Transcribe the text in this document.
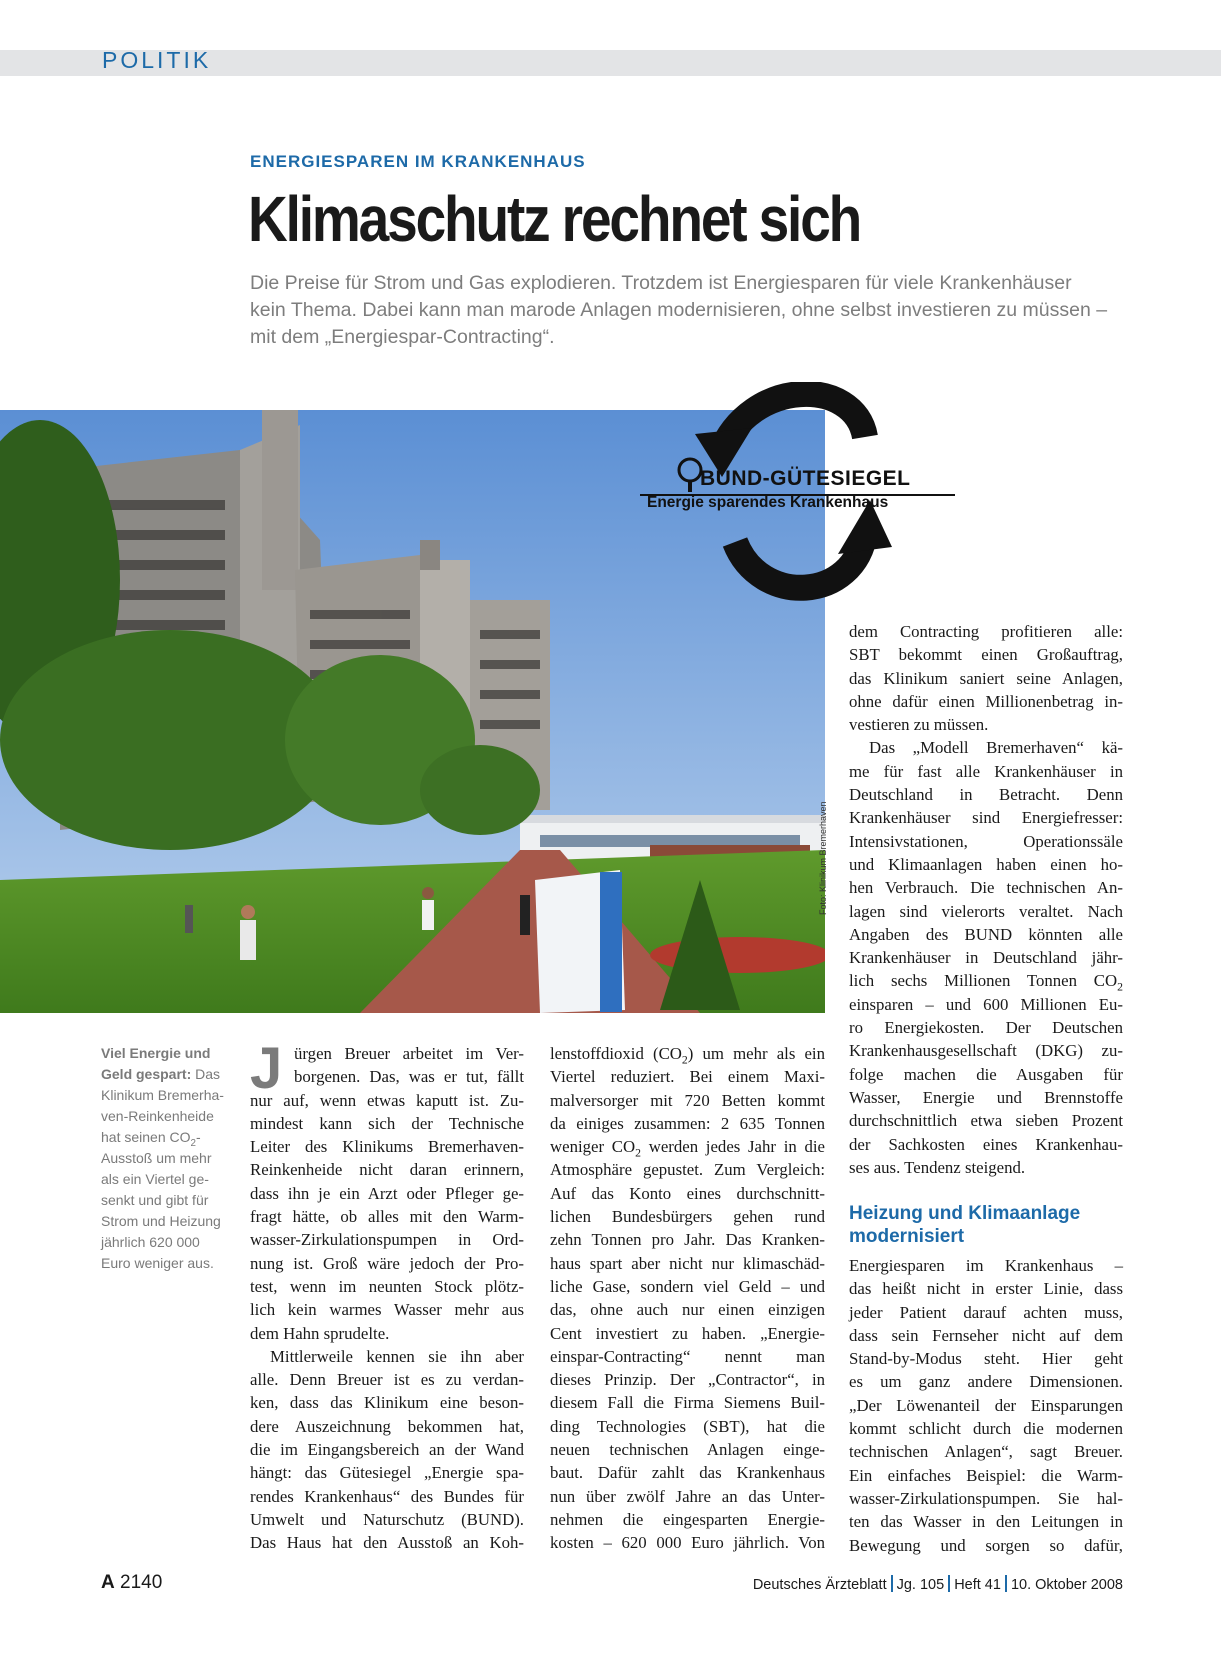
POLITIK
ENERGIESPAREN IM KRANKENHAUS
Klimaschutz rechnet sich
Die Preise für Strom und Gas explodieren. Trotzdem ist Energiesparen für viele Krankenhäuser kein Thema. Dabei kann man marode Anlagen modernisieren, ohne selbst investieren zu müssen – mit dem „Energiespar-Contracting“.
Foto: Klinikum Bremerhaven
BUND-GÜTESIEGEL
Energie sparendes Krankenhaus
Viel Energie und
Geld gespart: Das
Klinikum Bremerha-
ven-Reinkenheide
hat seinen $CO_2-$
Ausstoß um mehr
als ein Viertel ge-
senkt und gibt für
Strom und Heizung
jährlich 620 000
Euro weniger aus.
J ürgen Breuer arbeitet im Ver-
borgenen. Das, was er tut, fällt
nur auf, wenn etwas kaputt ist. Zu-
mindest kann sich der Technische
Leiter des Klinikums Bremerhaven-
Reinkenheide nicht daran erinnern,
dass ihn je ein Arzt oder Pfleger ge-
fragt hätte, ob alles mit den Warm-
wasser-Zirkulationspumpen in Ord-
nung ist. Groß wäre jedoch der Pro-
test, wenn im neunten Stock plötz-
lich kein warmes Wasser mehr aus
dem Hahn sprudelte.
Mittlerweile kennen sie ihn aber
alle. Denn Breuer ist es zu verdan-
ken, dass das Klinikum eine beson-
dere Auszeichnung bekommen hat,
die im Eingangsbereich an der Wand
hängt: das Gütesiegel „Energie spa-
rendes Krankenhaus“ des Bundes für
Umwelt und Naturschutz (BUND).
Das Haus hat den Ausstoß an Koh-
lenstoffdioxid $(CO_2)$ um mehr als ein
Viertel reduziert. Bei einem Maxi-
malversorger mit 720 Betten kommt
da einiges zusammen: 2 635 Tonnen
weniger $CO_2$ werden jedes Jahr in die
Atmosphäre gepustet. Zum Vergleich:
Auf das Konto eines durchschnitt-
lichen Bundesbürgers gehen rund
zehn Tonnen pro Jahr. Das Kranken-
haus spart aber nicht nur klimaschäd-
liche Gase, sondern viel Geld – und
das, ohne auch nur einen einzigen
Cent investiert zu haben. „Energie-
einspar-Contracting“ nennt man
dieses Prinzip. Der „Contractor“, in
diesem Fall die Firma Siemens Buil-
ding Technologies (SBT), hat die
neuen technischen Anlagen einge-
baut. Dafür zahlt das Krankenhaus
nun über zwölf Jahre an das Unter-
nehmen die eingesparten Energie-
kosten – 620 000 Euro jährlich. Von
dem Contracting profitieren alle:
SBT bekommt einen Großauftrag,
das Klinikum saniert seine Anlagen,
ohne dafür einen Millionenbetrag in-
vestieren zu müssen.
Das „Modell Bremerhaven“ kä-
me für fast alle Krankenhäuser in
Deutschland in Betracht. Denn
Krankenhäuser sind Energiefresser:
Intensivstationen, Operationssäle
und Klimaanlagen haben einen ho-
hen Verbrauch. Die technischen An-
lagen sind vielerorts veraltet. Nach
Angaben des BUND könnten alle
Krankenhäuser in Deutschland jähr-
lich sechs Millionen Tonnen $CO_2$
einsparen – und 600 Millionen Eu-
ro Energiekosten. Der Deutschen
Krankenhausgesellschaft (DKG) zu-
folge machen die Ausgaben für
Wasser, Energie und Brennstoffe
durchschnittlich etwa sieben Prozent
der Sachkosten eines Krankenhau-
ses aus. Tendenz steigend.
Heizung und Klimaanlage
modernisiert
Energiesparen im Krankenhaus –
das heißt nicht in erster Linie, dass
jeder Patient darauf achten muss,
dass sein Fernseher nicht auf dem
Stand-by-Modus steht. Hier geht
es um ganz andere Dimensionen.
„Der Löwenanteil der Einsparungen
kommt schlicht durch die modernen
technischen Anlagen“, sagt Breuer.
Ein einfaches Beispiel: die Warm-
wasser-Zirkulationspumpen. Sie hal-
ten das Wasser in den Leitungen in
Bewegung und sorgen so dafür,
A 2140	Deutsches Ärzteblatt Jg. 105 Heft 41 10. Oktober 2008
